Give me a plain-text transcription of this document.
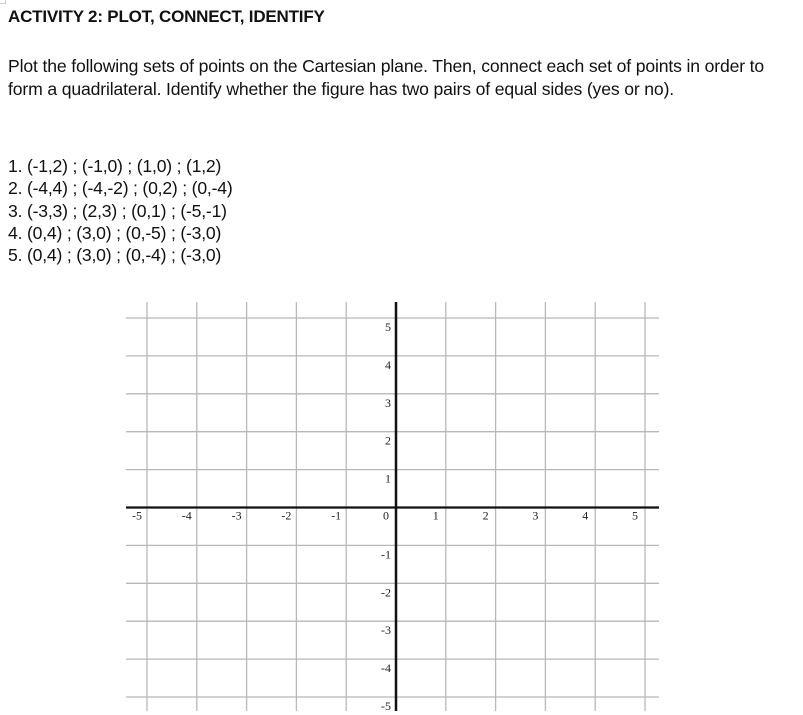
ACTIVITY 2: PLOT, CONNECT, IDENTIFY
Plot the following sets of points on the Cartesian plane. Then, connect each set of points in order to form a quadrilateral. Identify whether the figure has two pairs of equal sides (yes or no).
1. (-1,2) ; (-1,0) ; (1,0) ; (1,2)
2. (-4,4) ; (-4,-2) ; (0,2) ; (0,-4)
3. (-3,3) ; (2,3) ; (0,1) ; (-5,-1)
4. (0,4) ; (3,0) ; (0,-5) ; (-3,0)
5. (0,4) ; (3,0) ; (0,-4) ; (-3,0)
-5	-4	-3	-2	-1	0	1	2	3	4	5
5
4
3
2
1
-1
-2
-3
-4
-5
